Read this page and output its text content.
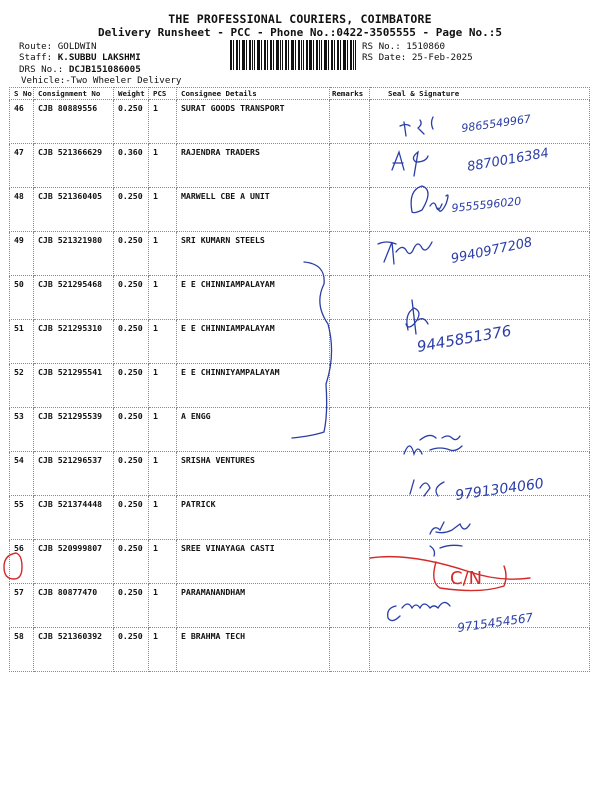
THE PROFESSIONAL COURIERS, COIMBATORE
Delivery Runsheet - PCC - Phone No.:0422-3505555 - Page No.:5
Route: GOLDWIN
Staff: K.SUBBU LAKSHMI
DRS No.: DCJB151086005
Vehicle:-Two Wheeler Delivery
RS No.: 1510860
RS Date: 25-Feb-2025
S No	Consignment No	Weight	PCS	Consignee Details	Remarks	Seal & Signature
46	CJB 80889556	0.250	1	SURAT GOODS TRANSPORT		
47	CJB 521366629	0.360	1	RAJENDRA TRADERS		
48	CJB 521360405	0.250	1	MARWELL CBE A UNIT		
49	CJB 521321980	0.250	1	SRI KUMARN STEELS		
50	CJB 521295468	0.250	1	E E CHINNIAMPALAYAM		
51	CJB 521295310	0.250	1	E E CHINNIAMPALAYAM		
52	CJB 521295541	0.250	1	E E CHINNIYAMPALAYAM		
53	CJB 521295539	0.250	1	A ENGG		
54	CJB 521296537	0.250	1	SRISHA VENTURES		
55	CJB 521374448	0.250	1	PATRICK		
56	CJB 520999807	0.250	1	SREE VINAYAGA CASTI		
57	CJB 80877470	0.250	1	PARAMANANDHAM		
58	CJB 521360392	0.250	1	E BRAHMA TECH		
9865549967
8870016384
9555596020
9940977208
9445851376
9791304060
9715454567
C/N
